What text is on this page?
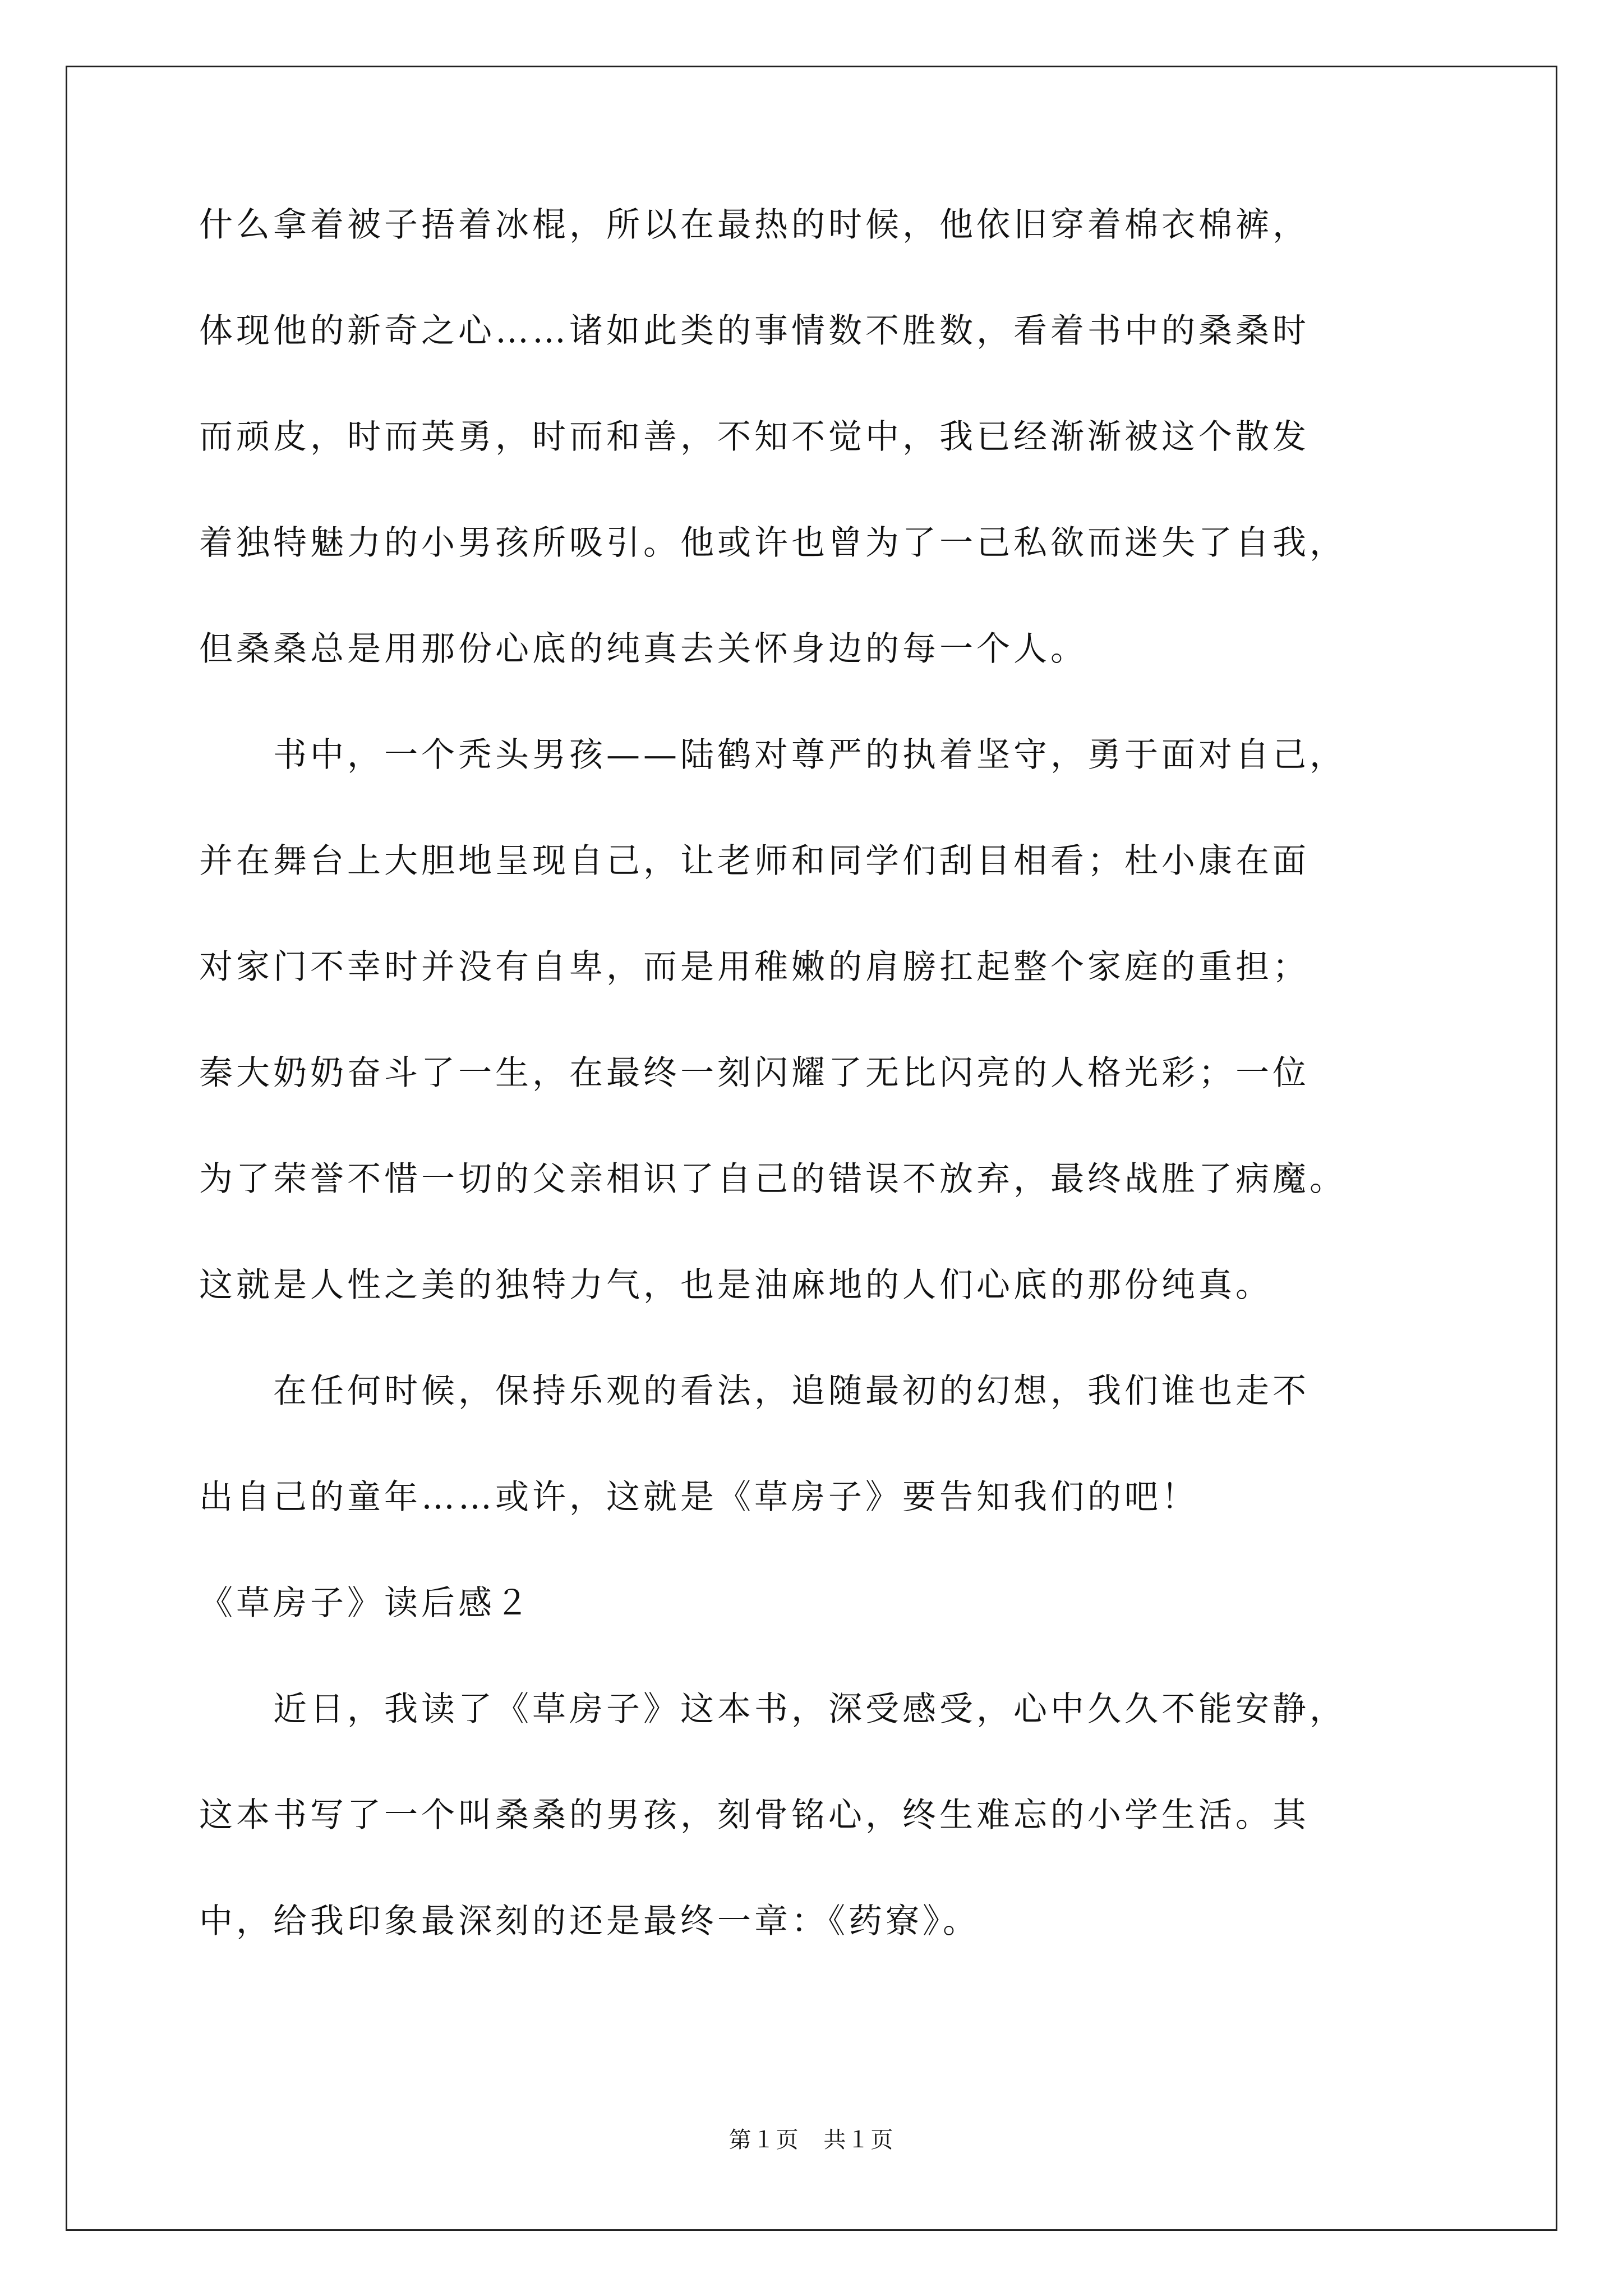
什么拿着被子捂着冰棍，所以在最热的时候，他依旧穿着棉衣棉裤，
体现他的新奇之心……诸如此类的事情数不胜数，看着书中的桑桑时
而顽皮，时而英勇，时而和善，不知不觉中，我已经渐渐被这个散发
着独特魅力的小男孩所吸引。他或许也曾为了一己私欲而迷失了自我，
但桑桑总是用那份心底的纯真去关怀身边的每一个人。
　　书中，一个秃头男孩——陆鹤对尊严的执着坚守，勇于面对自己，
并在舞台上大胆地呈现自己，让老师和同学们刮目相看；杜小康在面
对家门不幸时并没有自卑，而是用稚嫩的肩膀扛起整个家庭的重担；
秦大奶奶奋斗了一生，在最终一刻闪耀了无比闪亮的人格光彩；一位
为了荣誉不惜一切的父亲相识了自己的错误不放弃，最终战胜了病魔。
这就是人性之美的独特力气，也是油麻地的人们心底的那份纯真。
　　在任何时候，保持乐观的看法，追随最初的幻想，我们谁也走不
出自己的童年……或许，这就是《草房子》要告知我们的吧！
《草房子》读后感２
　　近日，我读了《草房子》这本书，深受感受，心中久久不能安静，
这本书写了一个叫桑桑的男孩，刻骨铭心，终生难忘的小学生活。其
中，给我印象最深刻的还是最终一章：《药寮》。
第１页 共１页
